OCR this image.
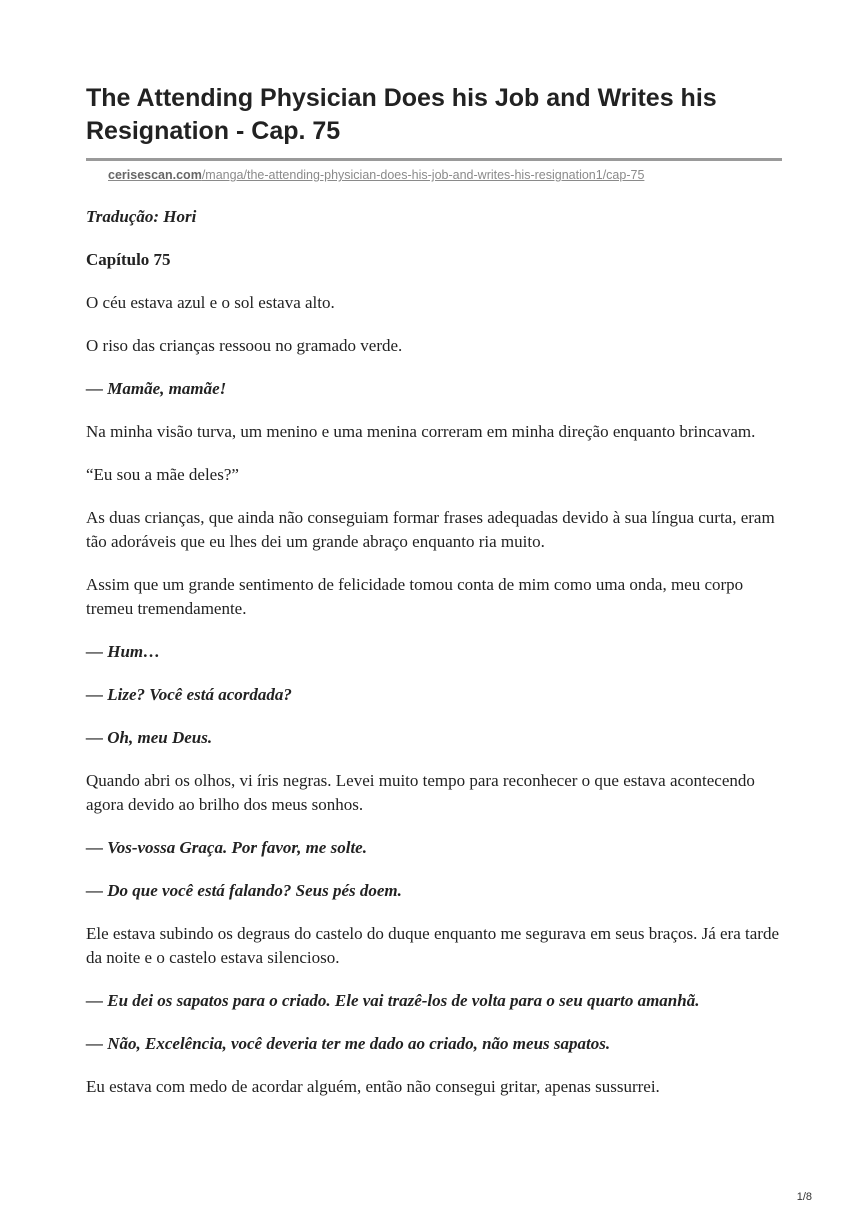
The Attending Physician Does his Job and Writes his Resignation - Cap. 75
cerisescan.com/manga/the-attending-physician-does-his-job-and-writes-his-resignation1/cap-75

Tradução: Hori

Capítulo 75

O céu estava azul e o sol estava alto.

O riso das crianças ressoou no gramado verde.

— Mamãe, mamãe!

Na minha visão turva, um menino e uma menina correram em minha direção enquanto brincavam.

“Eu sou a mãe deles?”

As duas crianças, que ainda não conseguiam formar frases adequadas devido à sua língua curta, eram tão adoráveis que eu lhes dei um grande abraço enquanto ria muito.

Assim que um grande sentimento de felicidade tomou conta de mim como uma onda, meu corpo tremeu tremendamente.

— Hum…

— Lize? Você está acordada?

— Oh, meu Deus.

Quando abri os olhos, vi íris negras. Levei muito tempo para reconhecer o que estava acontecendo agora devido ao brilho dos meus sonhos.

— Vos-vossa Graça. Por favor, me solte.

— Do que você está falando? Seus pés doem.

Ele estava subindo os degraus do castelo do duque enquanto me segurava em seus braços. Já era tarde da noite e o castelo estava silencioso.

— Eu dei os sapatos para o criado. Ele vai trazê-los de volta para o seu quarto amanhã.

— Não, Excelência, você deveria ter me dado ao criado, não meus sapatos.

Eu estava com medo de acordar alguém, então não consegui gritar, apenas sussurrei.

1/8
